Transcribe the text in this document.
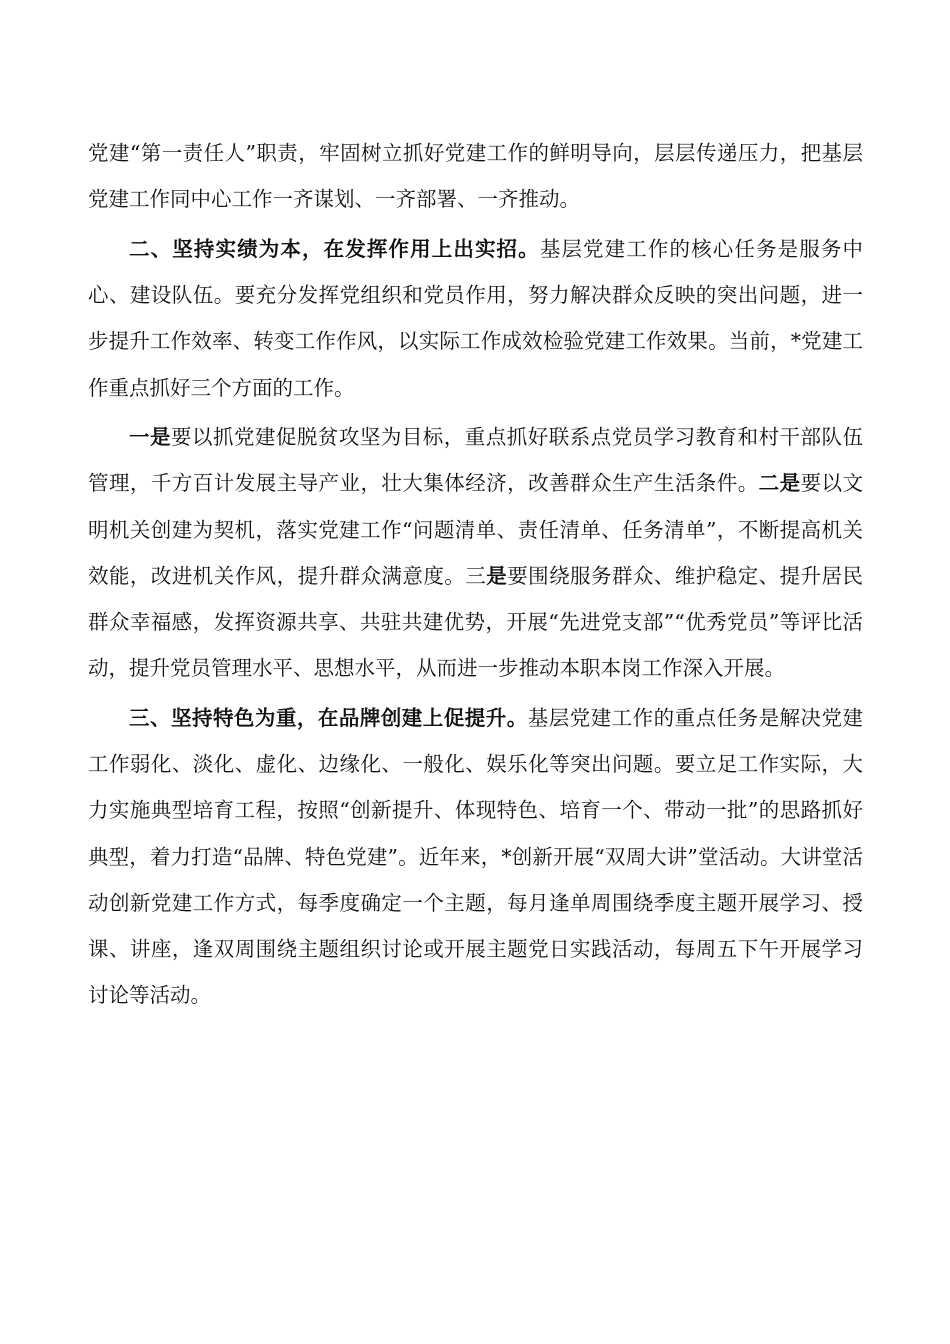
党建“第一责任人”职责，牢固树立抓好党建工作的鲜明导向，层层传递压力，把基层党建工作同中心工作一齐谋划、一齐部署、一齐推动。

二、坚持实绩为本，在发挥作用上出实招。基层党建工作的核心任务是服务中心、建设队伍。要充分发挥党组织和党员作用，努力解决群众反映的突出问题，进一步提升工作效率、转变工作作风，以实际工作成效检验党建工作效果。当前，*党建工作重点抓好三个方面的工作。

一是要以抓党建促脱贫攻坚为目标，重点抓好联系点党员学习教育和村干部队伍管理，千方百计发展主导产业，壮大集体经济，改善群众生产生活条件。二是要以文明机关创建为契机，落实党建工作“问题清单、责任清单、任务清单”，不断提高机关效能，改进机关作风，提升群众满意度。三是要围绕服务群众、维护稳定、提升居民群众幸福感，发挥资源共享、共驻共建优势，开展“先进党支部”“优秀党员”等评比活动，提升党员管理水平、思想水平，从而进一步推动本职本岗工作深入开展。

三、坚持特色为重，在品牌创建上促提升。基层党建工作的重点任务是解决党建工作弱化、淡化、虚化、边缘化、一般化、娱乐化等突出问题。要立足工作实际，大力实施典型培育工程，按照“创新提升、体现特色、培育一个、带动一批”的思路抓好典型，着力打造“品牌、特色党建”。近年来，*创新开展“双周大讲”堂活动。大讲堂活动创新党建工作方式，每季度确定一个主题，每月逢单周围绕季度主题开展学习、授课、讲座，逢双周围绕主题组织讨论或开展主题党日实践活动，每周五下午开展学习讨论等活动。
